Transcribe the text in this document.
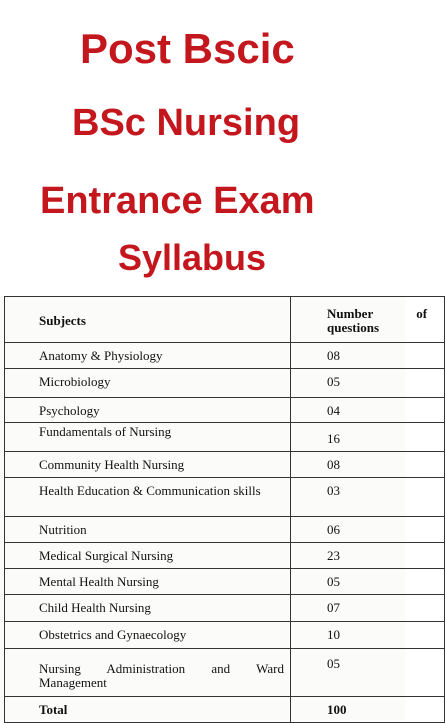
Post Bscic
BSc Nursing
Entrance Exam
Syllabus
Subjects	Number of
questions
Anatomy & Physiology	08
Microbiology	05
Psychology	04
Fundamentals of Nursing	16
Community Health Nursing	08
Health Education & Communication skills	03
Nutrition	06
Medical Surgical Nursing	23
Mental Health Nursing	05
Child Health Nursing	07
Obstetrics and Gynaecology	10
Nursing Administration and Ward Management	05
Total	100
